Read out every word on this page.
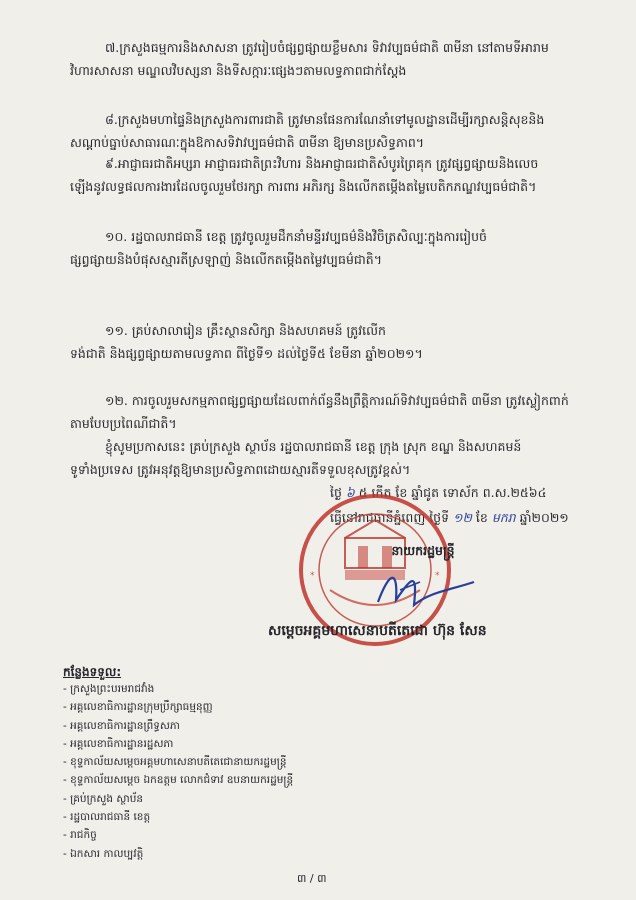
៧.ក្រសួងធម្មការនិងសាសនា ត្រូវរៀបចំផ្សព្វផ្សាយខ្លឹមសារ ទិវាវប្បធម៌ជាតិ ៣មីនា នៅតាមទីអារាម
វិហារសាសនា មណ្ឌលវិបស្សនា និងទីសក្ការៈផ្សេងៗតាមលទ្ធភាពជាក់ស្តែង
៨.ក្រសួងមហាផ្ទៃនិងក្រសួងការពារជាតិ ត្រូវមានផែនការណែនាំទៅមូលដ្ឋានដើម្បីរក្សាសន្តិសុខនិង
សណ្តាប់ធ្នាប់សាធារណៈក្នុងឱកាសទិវាវប្បធម៌ជាតិ ៣មីនា ឱ្យមានប្រសិទ្ធភាព។
៩.អាជ្ញាធរជាតិអប្សរា អាជ្ញាធរជាតិព្រះវិហារ និងអាជ្ញាធរជាតិសំបូរព្រៃគុក ត្រូវផ្សព្វផ្សាយនិងលេច
ឡើងនូវលទ្ធផលការងារដែលចូលរួមថែរក្សា ការពារ អភិរក្ស និងលើកតម្កើងតម្លៃបេតិកភណ្ឌវប្បធម៌ជាតិ។
១០. រដ្ឋបាលរាជធានី ខេត្ត ត្រូវចូលរួមដឹកនាំមន្ទីរវប្បធម៌និងវិចិត្រសិល្បៈក្នុងការរៀបចំ
ផ្សព្វផ្សាយនិងបំផុសស្មារតីស្រឡាញ់ និងលើកតម្កើងតម្លៃវប្បធម៌ជាតិ។
១១. គ្រប់សាលារៀន គ្រឹះស្ថានសិក្សា និងសហគមន៍ ត្រូវលើក
ទង់ជាតិ និងផ្សព្វផ្សាយតាមលទ្ធភាព ពីថ្ងៃទី១ ដល់ថ្ងៃទី៥ ខែមីនា ឆ្នាំ២០២១។
១២. ការចូលរួមសកម្មភាពផ្សព្វផ្សាយដែលពាក់ព័ន្ធនឹងព្រឹត្តិការណ៍ទិវាវប្បធម៌ជាតិ ៣មីនា ត្រូវស្លៀកពាក់
តាមបែបប្រពៃណីជាតិ។
ខ្ញុំសូមប្រកាសនេះ គ្រប់ក្រសួង ស្ថាប័ន រដ្ឋបាលរាជធានី ខេត្ត ក្រុង ស្រុក ខណ្ឌ និងសហគមន៍
ទូទាំងប្រទេស ត្រូវអនុវត្តឱ្យមានប្រសិទ្ធភាពដោយស្មារតីទទួលខុសត្រូវខ្ពស់។
ថ្ងៃ ៦ ៥ កើត ខែ ឆ្នាំជូត ទោស័ក ព.ស.២៥៦៤
ធ្វើនៅរាជធានីភ្នំពេញ ថ្ងៃទី ១២ ខែ មករា ឆ្នាំ២០២១
*	*
នាយករដ្ឋមន្ត្រី
សម្តេចអគ្គមហាសេនាបតីតេជោ ហ៊ុន សែន
កន្លែងទទួល:
- ក្រសួងព្រះបរមរាជវាំង
- អគ្គលេខាធិការដ្ឋានក្រុមប្រឹក្សាធម្មនុញ្ញ
- អគ្គលេខាធិការដ្ឋានព្រឹទ្ធសភា
- អគ្គលេខាធិការដ្ឋានរដ្ឋសភា
- ខុទ្ទកាល័យសម្តេចអគ្គមហាសេនាបតីតេជោនាយករដ្ឋមន្ត្រី
- ខុទ្ទកាល័យសម្តេច ឯកឧត្តម លោកជំទាវ ឧបនាយករដ្ឋមន្ត្រី
- គ្រប់ក្រសួង ស្ថាប័ន
- រដ្ឋបាលរាជធានី ខេត្ត
- រាជកិច្ច
- ឯកសារ កាលប្បវត្តិ
៣ / ៣
